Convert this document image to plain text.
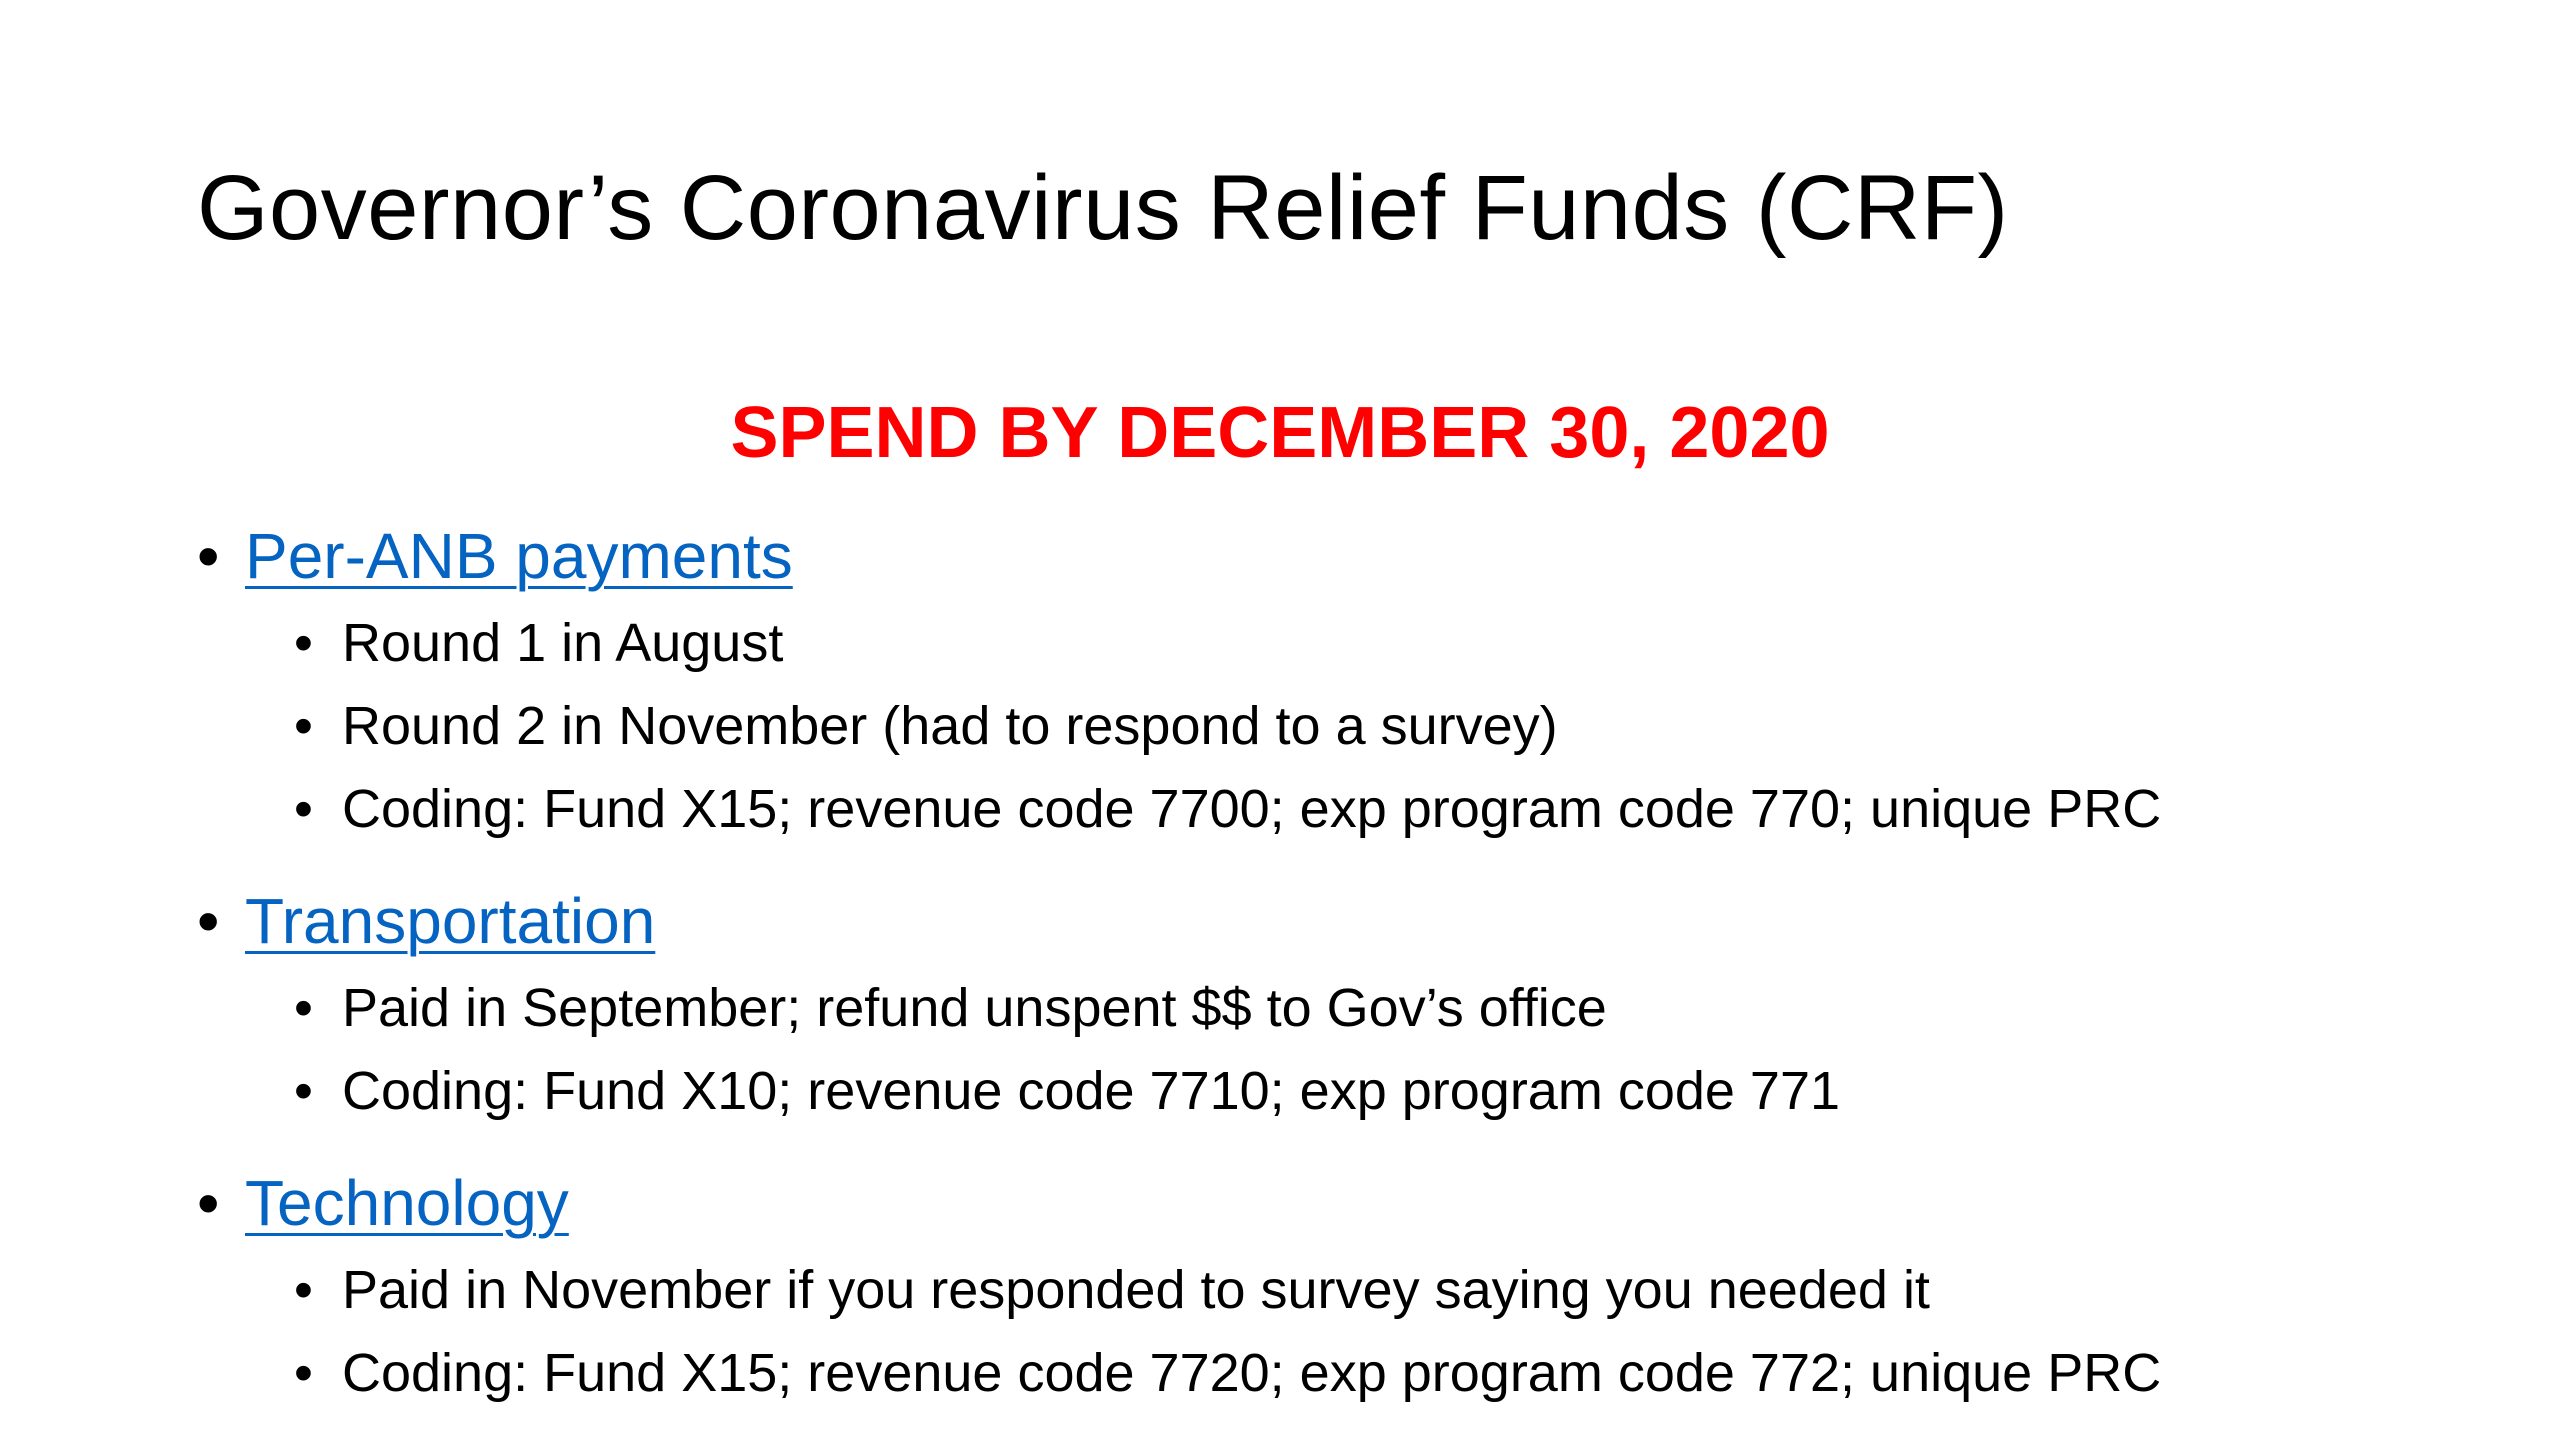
Governor’s Coronavirus Relief Funds (CRF)
SPEND BY DECEMBER 30, 2020
• Per-ANB payments
• Round 1 in August
• Round 2 in November (had to respond to a survey)
• Coding: Fund X15; revenue code 7700; exp program code 770; unique PRC
• Transportation
• Paid in September; refund unspent $$ to Gov’s office
• Coding: Fund X10; revenue code 7710; exp program code 771
• Technology
• Paid in November if you responded to survey saying you needed it
• Coding: Fund X15; revenue code 7720; exp program code 772; unique PRC
